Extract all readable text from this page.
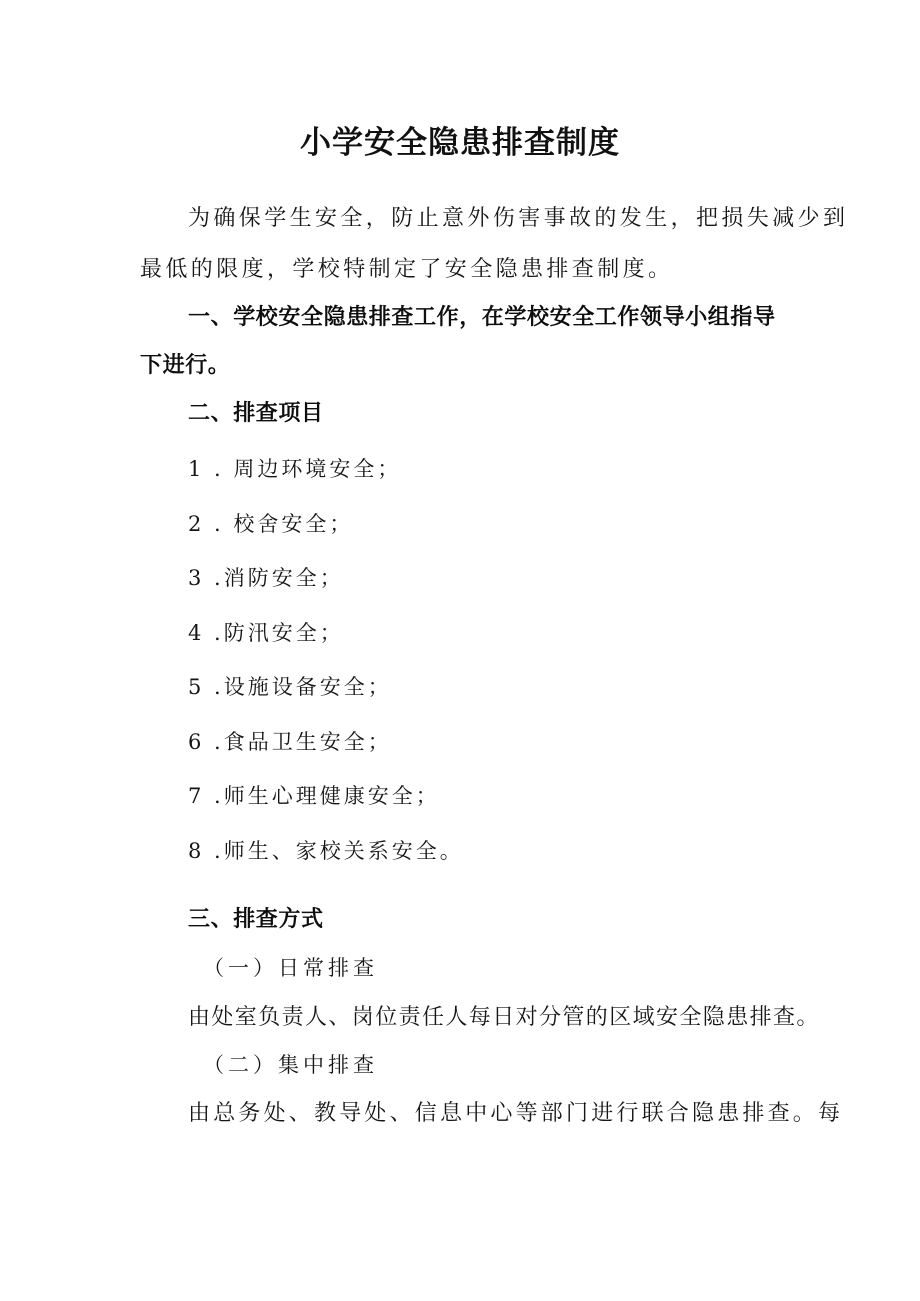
小学安全隐患排查制度

为确保学生安全，防止意外伤害事故的发生，把损失减少到

最低的限度，学校特制定了安全隐患排查制度。

一、学校安全隐患排查工作，在学校安全工作领导小组指导

下进行。

二、排查项目

1 . 周边环境安全；

2 . 校舍安全；

3 .消防安全；

4 .防汛安全；

5 .设施设备安全；

6 .食品卫生安全；

7 .师生心理健康安全；

8 .师生、家校关系安全。

三、排查方式

（一）日常排查

由处室负责人、岗位责任人每日对分管的区域安全隐患排查。

（二）集中排查

由总务处、教导处、信息中心等部门进行联合隐患排查。每
